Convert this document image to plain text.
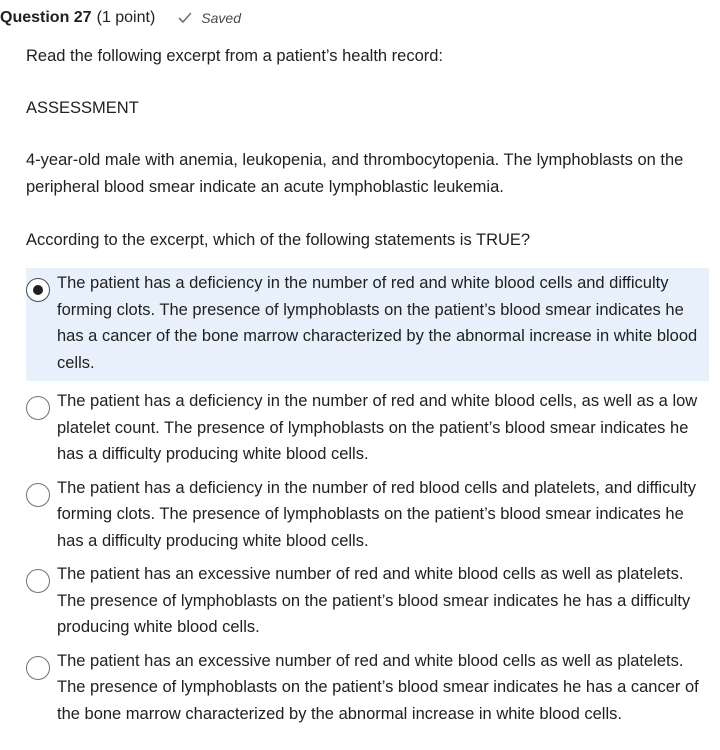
Question 27 (1 point)	Saved

Read the following excerpt from a patient’s health record:

ASSESSMENT

4-year-old male with anemia, leukopenia, and thrombocytopenia. The lymphoblasts on the peripheral blood smear indicate an acute lymphoblastic leukemia.

According to the excerpt, which of the following statements is TRUE?

The patient has a deficiency in the number of red and white blood cells and difficulty forming clots. The presence of lymphoblasts on the patient’s blood smear indicates he has a cancer of the bone marrow characterized by the abnormal increase in white blood cells.
The patient has a deficiency in the number of red and white blood cells, as well as a low platelet count. The presence of lymphoblasts on the patient’s blood smear indicates he has a difficulty producing white blood cells.
The patient has a deficiency in the number of red blood cells and platelets, and difficulty forming clots. The presence of lymphoblasts on the patient’s blood smear indicates he has a difficulty producing white blood cells.
The patient has an excessive number of red and white blood cells as well as platelets. The presence of lymphoblasts on the patient’s blood smear indicates he has a difficulty producing white blood cells.
The patient has an excessive number of red and white blood cells as well as platelets. The presence of lymphoblasts on the patient’s blood smear indicates he has a cancer of the bone marrow characterized by the abnormal increase in white blood cells.
